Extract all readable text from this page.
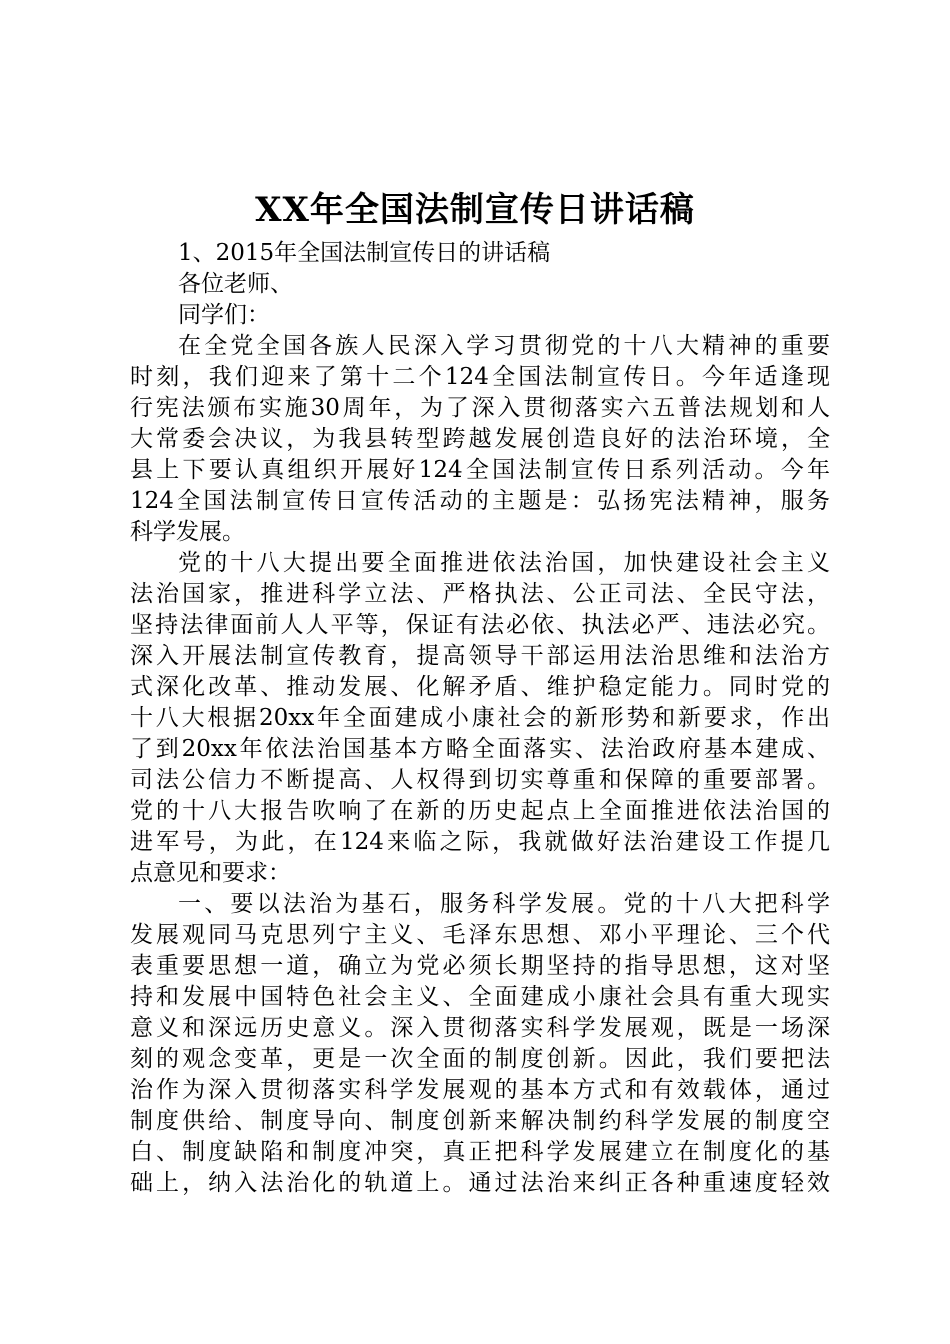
XX年全国法制宣传日讲话稿
1、2015年全国法制宣传日的讲话稿
各位老师、
同学们：
在全党全国各族人民深入学习贯彻党的十八大精神的重要
时刻，我们迎来了第十二个124全国法制宣传日。今年适逢现
行宪法颁布实施30周年，为了深入贯彻落实六五普法规划和人
大常委会决议，为我县转型跨越发展创造良好的法治环境，全
县上下要认真组织开展好124全国法制宣传日系列活动。今年
124全国法制宣传日宣传活动的主题是：弘扬宪法精神，服务
科学发展。
党的十八大提出要全面推进依法治国，加快建设社会主义
法治国家，推进科学立法、严格执法、公正司法、全民守法，
坚持法律面前人人平等，保证有法必依、执法必严、违法必究。
深入开展法制宣传教育，提高领导干部运用法治思维和法治方
式深化改革、推动发展、化解矛盾、维护稳定能力。同时党的
十八大根据20xx年全面建成小康社会的新形势和新要求，作出
了到20xx年依法治国基本方略全面落实、法治政府基本建成、
司法公信力不断提高、人权得到切实尊重和保障的重要部署。
党的十八大报告吹响了在新的历史起点上全面推进依法治国的
进军号，为此，在124来临之际，我就做好法治建设工作提几
点意见和要求：
一、要以法治为基石，服务科学发展。党的十八大把科学
发展观同马克思列宁主义、毛泽东思想、邓小平理论、三个代
表重要思想一道，确立为党必须长期坚持的指导思想，这对坚
持和发展中国特色社会主义、全面建成小康社会具有重大现实
意义和深远历史意义。深入贯彻落实科学发展观，既是一场深
刻的观念变革，更是一次全面的制度创新。因此，我们要把法
治作为深入贯彻落实科学发展观的基本方式和有效载体，通过
制度供给、制度导向、制度创新来解决制约科学发展的制度空
白、制度缺陷和制度冲突，真正把科学发展建立在制度化的基
础上，纳入法治化的轨道上。通过法治来纠正各种重速度轻效
